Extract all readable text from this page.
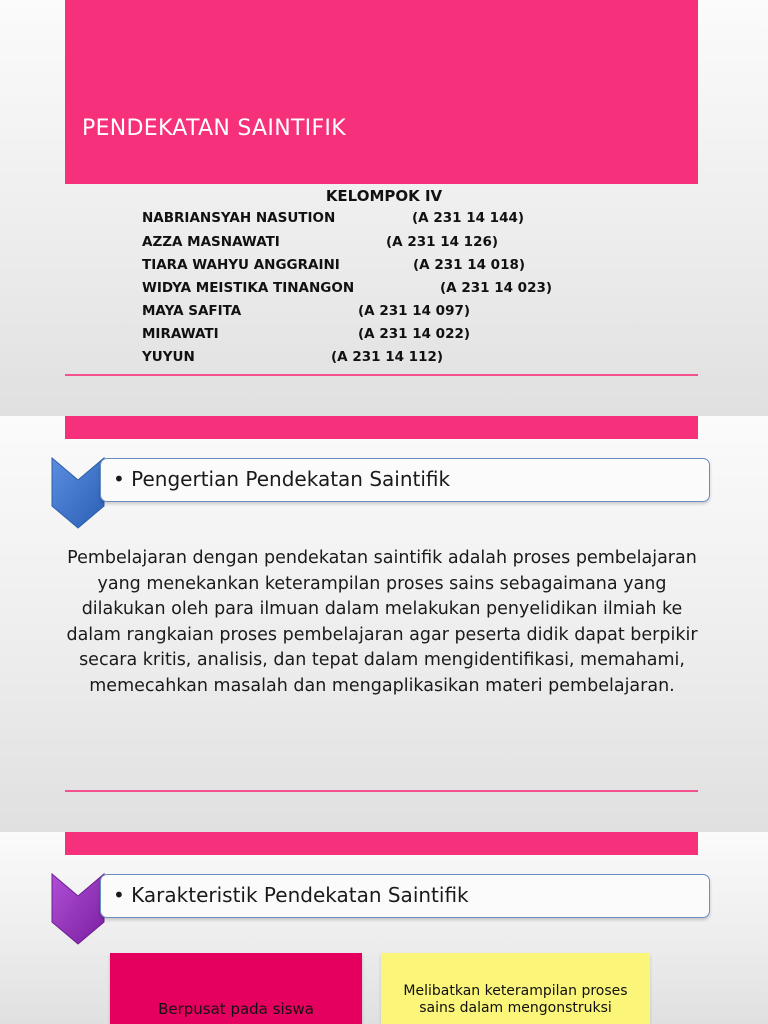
PENDEKATAN SAINTIFIK
KELOMPOK IV
NABRIANSYAH NASUTION	(A 231 14 144)
AZZA MASNAWATI	(A 231 14 126)
TIARA WAHYU ANGGRAINI	(A 231 14 018)
WIDYA MEISTIKA TINANGON	(A 231 14 023)
MAYA SAFITA	(A 231 14 097)
MIRAWATI	(A 231 14 022)
YUYUN	(A 231 14 112)
• Pengertian Pendekatan Saintifik

Pembelajaran dengan pendekatan saintifik adalah proses pembelajaran yang menekankan keterampilan proses sains sebagaimana yang dilakukan oleh para ilmuan dalam melakukan penyelidikan ilmiah ke dalam rangkaian proses pembelajaran agar peserta didik dapat berpikir secara kritis, analisis, dan tepat dalam mengidentifikasi, memahami, memecahkan masalah dan mengaplikasikan materi pembelajaran.

• Karakteristik Pendekatan Saintifik
Berpusat pada siswa
Melibatkan keterampilan proses sains dalam mengonstruksi
